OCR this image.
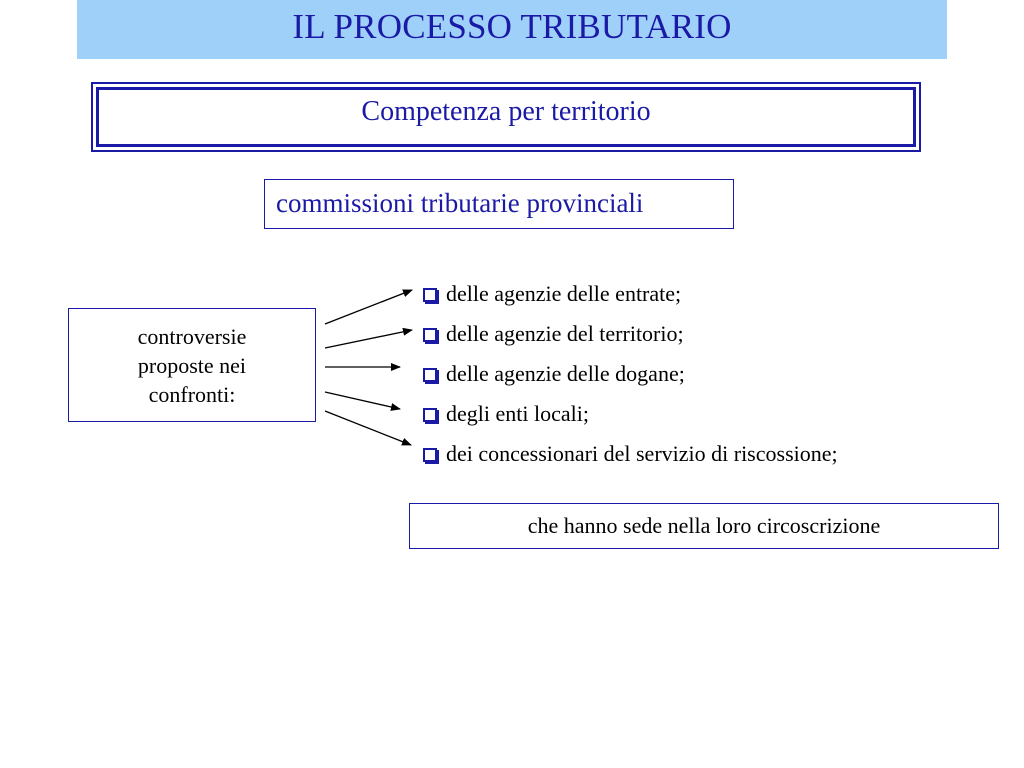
IL PROCESSO TRIBUTARIO
Competenza per territorio
commissioni tributarie provinciali
controversie
proposte nei
confronti:
delle agenzie delle entrate;
delle agenzie del territorio;
delle agenzie delle dogane;
degli enti locali;
dei concessionari del servizio di riscossione;
che hanno sede nella loro circoscrizione
